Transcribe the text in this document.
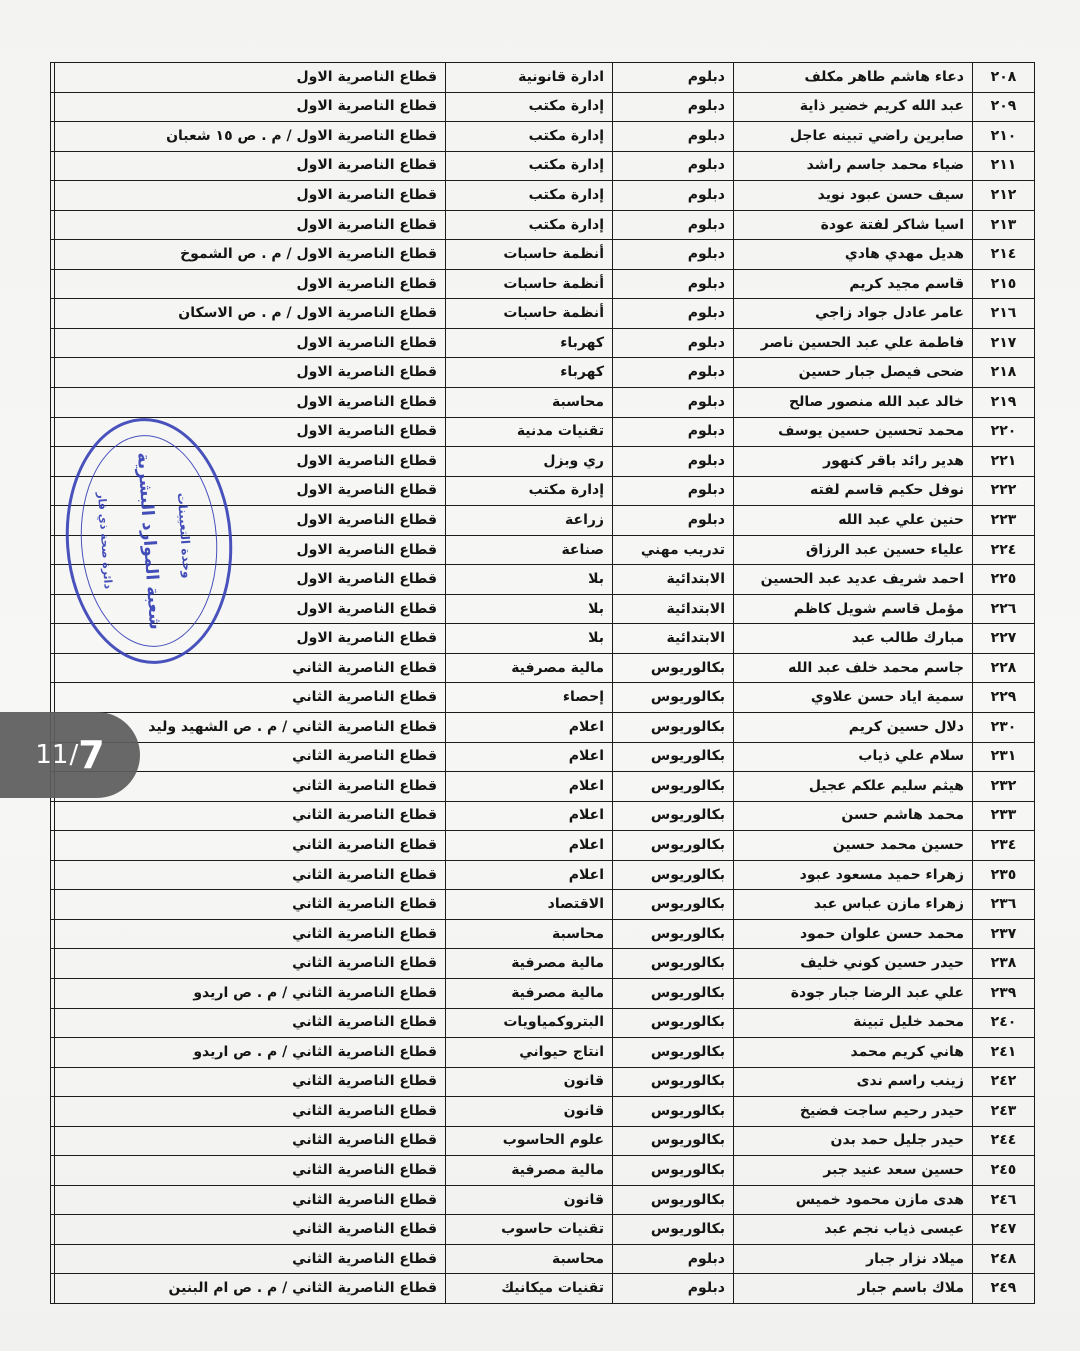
٢٠٨	دعاء هاشم طاهر مكلف	دبلوم	ادارة قانونية	قطاع الناصرية الاول	
٢٠٩	عبد الله كريم خضير ذاية	دبلوم	إدارة مكتب	قطاع الناصرية الاول	
٢١٠	صابرين راضي تبينه عاجل	دبلوم	إدارة مكتب	قطاع الناصرية الاول / م . ص ١٥ شعبان	
٢١١	ضياء محمد جاسم راشد	دبلوم	إدارة مكتب	قطاع الناصرية الاول	
٢١٢	سيف حسن عبود نويد	دبلوم	إدارة مكتب	قطاع الناصرية الاول	
٢١٣	اسيا شاكر لفتة عودة	دبلوم	إدارة مكتب	قطاع الناصرية الاول	
٢١٤	هديل مهدي هادي	دبلوم	أنظمة حاسبات	قطاع الناصرية الاول / م . ص الشموخ	
٢١٥	قاسم مجيد كريم	دبلوم	أنظمة حاسبات	قطاع الناصرية الاول	
٢١٦	عامر عادل جواد زاجي	دبلوم	أنظمة حاسبات	قطاع الناصرية الاول / م . ص الاسكان	
٢١٧	فاطمة علي عبد الحسين ناصر	دبلوم	كهرباء	قطاع الناصرية الاول	
٢١٨	ضحى فيصل جبار حسين	دبلوم	كهرباء	قطاع الناصرية الاول	
٢١٩	خالد عبد الله منصور صالح	دبلوم	محاسبة	قطاع الناصرية الاول	
٢٢٠	محمد تحسين حسين يوسف	دبلوم	تقنيات مدنية	قطاع الناصرية الاول	
٢٢١	هدير رائد باقر كنهور	دبلوم	ري وبزل	قطاع الناصرية الاول	
٢٢٢	نوفل حكيم قاسم لفته	دبلوم	إدارة مكتب	قطاع الناصرية الاول	
٢٢٣	حنين علي عبد الله	دبلوم	زراعة	قطاع الناصرية الاول	
٢٢٤	علياء حسين عبد الرزاق	تدريب مهني	صناعة	قطاع الناصرية الاول	
٢٢٥	احمد شريف عديد عبد الحسين	الابتدائية	بلا	قطاع الناصرية الاول	
٢٢٦	مؤمل قاسم شويل كاظم	الابتدائية	بلا	قطاع الناصرية الاول	
٢٢٧	مبارك طالب عبد	الابتدائية	بلا	قطاع الناصرية الاول	
٢٢٨	جاسم محمد خلف عبد الله	بكالوريوس	مالية مصرفية	قطاع الناصرية الثاني	
٢٢٩	سمية اياد حسن علاوي	بكالوريوس	إحصاء	قطاع الناصرية الثاني	
٢٣٠	دلال حسين كريم	بكالوريوس	اعلام	قطاع الناصرية الثاني / م . ص الشهيد وليد	
٢٣١	سلام علي ذياب	بكالوريوس	اعلام	قطاع الناصرية الثاني	
٢٣٢	هيثم سليم علكم عجيل	بكالوريوس	اعلام	قطاع الناصرية الثاني	
٢٣٣	محمد هاشم حسن	بكالوريوس	اعلام	قطاع الناصرية الثاني	
٢٣٤	حسين محمد حسين	بكالوريوس	اعلام	قطاع الناصرية الثاني	
٢٣٥	زهراء حميد مسعود عبود	بكالوريوس	اعلام	قطاع الناصرية الثاني	
٢٣٦	زهراء مازن عباس عبد	بكالوريوس	الاقتصاد	قطاع الناصرية الثاني	
٢٣٧	محمد حسن علوان حمود	بكالوريوس	محاسبة	قطاع الناصرية الثاني	
٢٣٨	حيدر حسين كوني خليف	بكالوريوس	مالية مصرفية	قطاع الناصرية الثاني	
٢٣٩	علي عبد الرضا جبار جودة	بكالوريوس	مالية مصرفية	قطاع الناصرية الثاني / م . ص اريدو	
٢٤٠	محمد خليل تبينة	بكالوريوس	البتروكمياويات	قطاع الناصرية الثاني	
٢٤١	هاني كريم محمد	بكالوريوس	انتاج حيواني	قطاع الناصرية الثاني / م . ص اريدو	
٢٤٢	زينب راسم ندى	بكالوريوس	قانون	قطاع الناصرية الثاني	
٢٤٣	حيدر رحيم ساجت فضيخ	بكالوريوس	قانون	قطاع الناصرية الثاني	
٢٤٤	حيدر جليل حمد بدن	بكالوريوس	علوم الحاسوب	قطاع الناصرية الثاني	
٢٤٥	حسين سعد عنيد جبر	بكالوريوس	مالية مصرفية	قطاع الناصرية الثاني	
٢٤٦	هدى مازن محمود خميس	بكالوريوس	قانون	قطاع الناصرية الثاني	
٢٤٧	عيسى ذياب نجم عبد	بكالوريوس	تقنيات حاسوب	قطاع الناصرية الثاني	
٢٤٨	ميلاد نزار جبار	دبلوم	محاسبة	قطاع الناصرية الثاني	
٢٤٩	ملاك باسم جبار	دبلوم	تقنيات ميكانيك	قطاع الناصرية الثاني / م . ص ام البنين	
شعبة الموارد البشرية وحدة التعيينات
دائرة صحة ذي قار
11 / 7
